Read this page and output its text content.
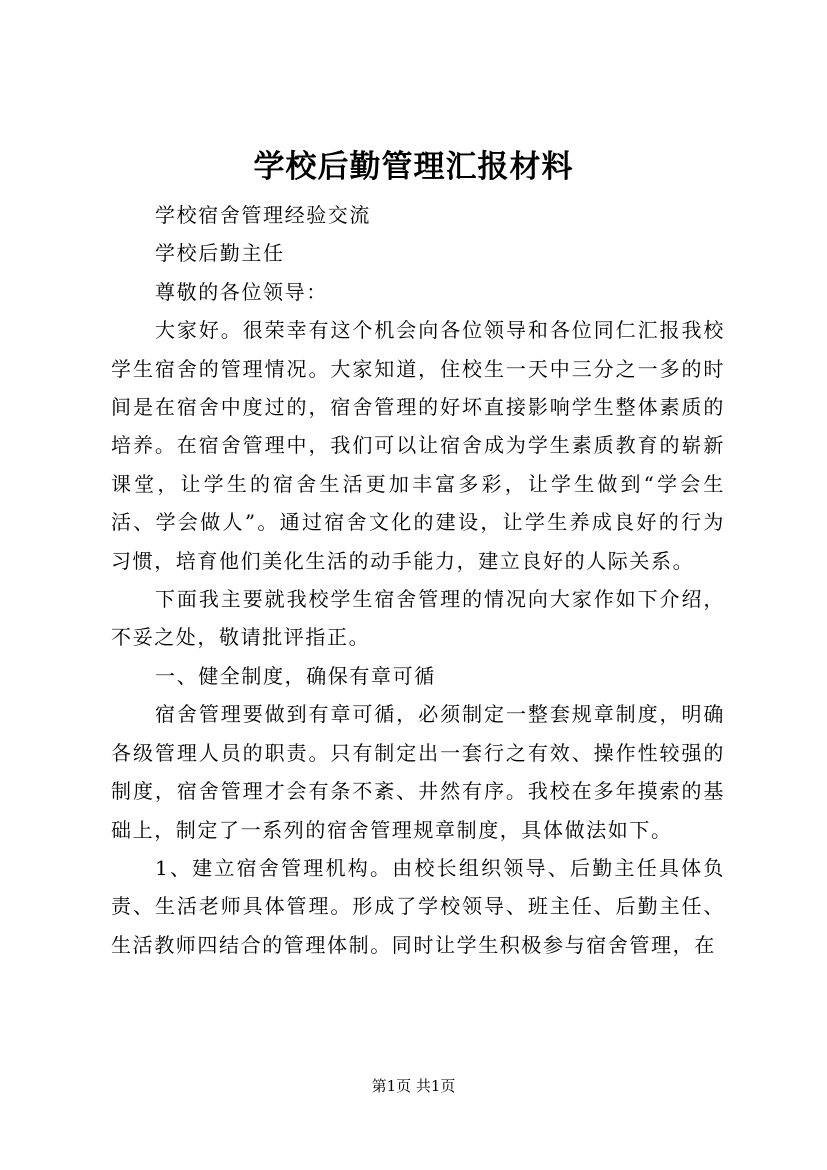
学校后勤管理汇报材料

学校宿舍管理经验交流

学校后勤主任

尊敬的各位领导：

大家好。很荣幸有这个机会向各位领导和各位同仁汇报我校学生宿舍的管理情况。大家知道，住校生一天中三分之一多的时间是在宿舍中度过的，宿舍管理的好坏直接影响学生整体素质的培养。在宿舍管理中，我们可以让宿舍成为学生素质教育的崭新课堂，让学生的宿舍生活更加丰富多彩，让学生做到“学会生活、学会做人”。通过宿舍文化的建设，让学生养成良好的行为习惯，培育他们美化生活的动手能力，建立良好的人际关系。

下面我主要就我校学生宿舍管理的情况向大家作如下介绍，不妥之处，敬请批评指正。

一、健全制度，确保有章可循

宿舍管理要做到有章可循，必须制定一整套规章制度，明确各级管理人员的职责。只有制定出一套行之有效、操作性较强的制度，宿舍管理才会有条不紊、井然有序。我校在多年摸索的基础上，制定了一系列的宿舍管理规章制度，具体做法如下。

1、建立宿舍管理机构。由校长组织领导、后勤主任具体负责、生活老师具体管理。形成了学校领导、班主任、后勤主任、生活教师四结合的管理体制。同时让学生积极参与宿舍管理，在

第1页 共1页
